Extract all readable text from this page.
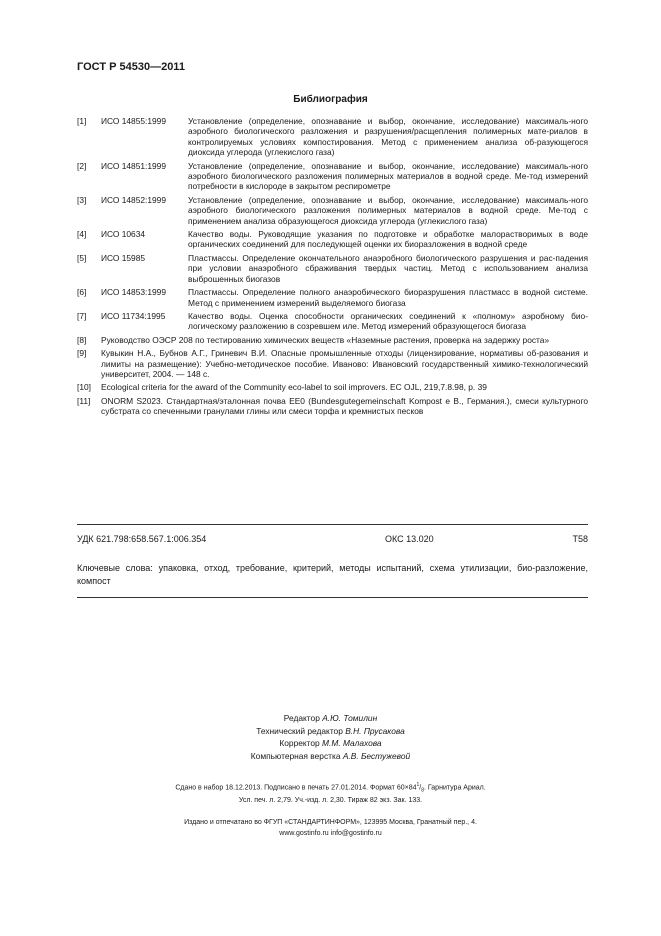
ГОСТ Р 54530—2011
Библиография
[1] ИСО 14855:1999	Установление (определение, опознавание и выбор, окончание, исследование) максималь-ного аэробного биологического разложения и разрушения/расщепления полимерных мате-риалов в контролируемых условиях компостирования. Метод с применением анализа об-разующегося диоксида углерода (углекислого газа)
[2] ИСО 14851:1999	Установление (определение, опознавание и выбор, окончание, исследование) максималь-ного аэробного биологического разложения полимерных материалов в водной среде. Ме-тод измерений потребности в кислороде в закрытом респирометре
[3] ИСО 14852:1999	Установление (определение, опознавание и выбор, окончание, исследование) максималь-ного аэробного биологического разложения полимерных материалов в водной среде. Ме-тод с применением анализа образующегося диоксида углерода (углекислого газа)
[4] ИСО 10634	Качество воды. Руководящие указания по подготовке и обработке малорастворимых в воде органических соединений для последующей оценки их биоразложения в водной среде
[5] ИСО 15985	Пластмассы. Определение окончательного анаэробного биологического разрушения и рас-падения при условии анаэробного сбраживания твердых частиц. Метод с использованием анализа выброшенных биогазов
[6] ИСО 14853:1999	Пластмассы. Определение полного анаэробического биоразрушения пластмасс в водной системе. Метод с применением измерений выделяемого биогаза
[7] ИСО 11734:1995	Качество воды. Оценка способности органических соединений к «полному» аэробному био-логическому разложению в созревшем иле. Метод измерений образующегося биогаза
[8] Руководство ОЭСР 208 по тестированию химических веществ «Наземные растения, проверка на задержку роста»
[9] Кувыкин Н.А., Бубнов А.Г., Гриневич В.И. Опасные промышленные отходы (лицензирование, нормативы об-разования и лимиты на размещение): Учебно-методическое пособие. Иваново: Ивановский государственный химико-технологический университет, 2004. — 148 с.
[10] Ecological criteria for the award of the Community eco-label to soil improvers. EC OJL, 219,7.8.98, p. 39
[11] ONORM S2023. Стандартная/эталонная почва EE0 (Bundesgutegemeinschaft Kompost e B., Германия.), смеси культурного субстрата со спеченными гранулами глины или смеси торфа и кремнистых песков
УДК 621.798:658.567.1:006.354	ОКС 13.020	Т58
Ключевые слова: упаковка, отход, требование, критерий, методы испытаний, схема утилизации, био-разложение, компост
Редактор А.Ю. Томилин
Технический редактор В.Н. Прусакова
Корректор М.М. Малахова
Компьютерная верстка А.В. Бестужевой
Сдано в набор 18.12.2013. Подписано в печать 27.01.2014. Формат $60\times 84^1/_8$. Гарнитура Ариал.
Усл. печ. л. 2,79. Уч.-изд. л. 2,30. Тираж 82 экз. Зак. 133.
Издано и отпечатано во ФГУП «СТАНДАРТИНФОРМ», 123995 Москва, Гранатный пер., 4.
www.gostinfo.ru info@gostinfo.ru
